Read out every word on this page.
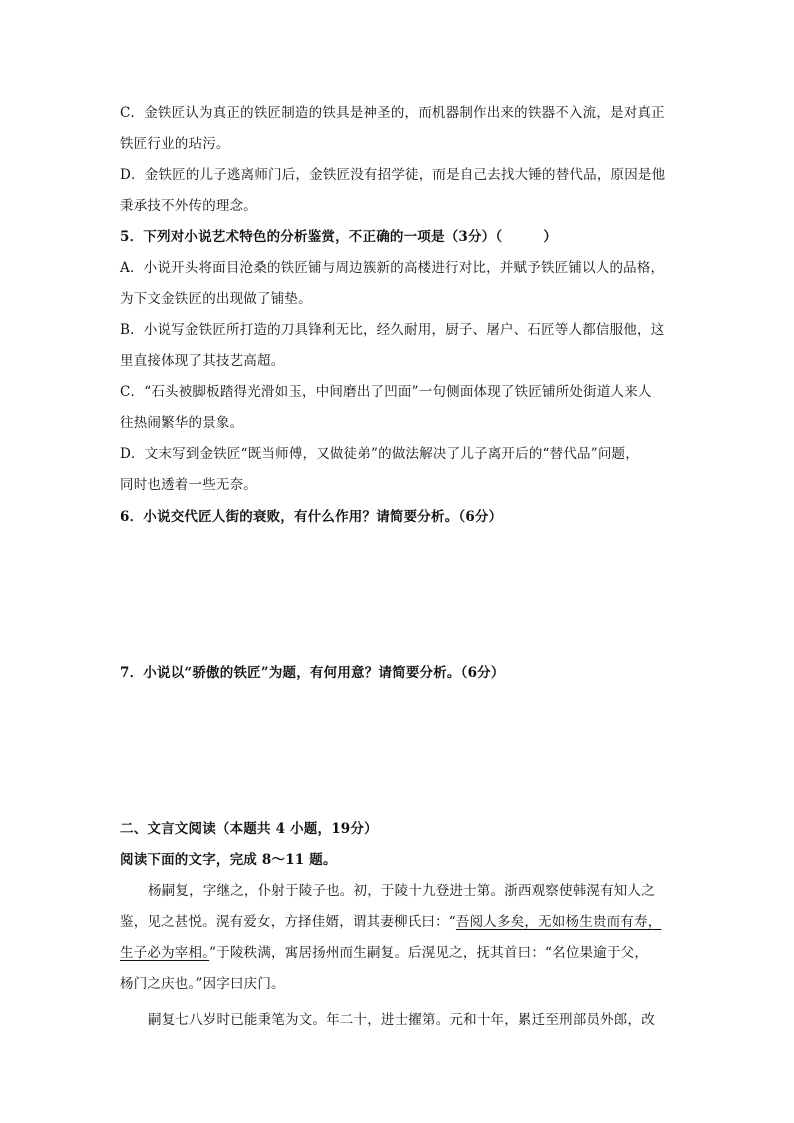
C．金铁匠认为真正的铁匠制造的铁具是神圣的，而机器制作出来的铁器不入流，是对真正
铁匠行业的玷污。
D．金铁匠的儿子逃离师门后，金铁匠没有招学徒，而是自己去找大锤的替代品，原因是他
秉承技不外传的理念。
5．下列对小说艺术特色的分析鉴赏，不正确的一项是（3分）（　　　）
A．小说开头将面目沧桑的铁匠铺与周边簇新的高楼进行对比，并赋予铁匠铺以人的品格，
为下文金铁匠的出现做了铺垫。
B．小说写金铁匠所打造的刀具锋利无比，经久耐用，厨子、屠户、石匠等人都信服他，这
里直接体现了其技艺高超。
C．“石头被脚板踏得光滑如玉，中间磨出了凹面”一句侧面体现了铁匠铺所处街道人来人
往热闹繁华的景象。
D．文末写到金铁匠“既当师傅，又做徒弟”的做法解决了儿子离开后的“替代品”问题，
同时也透着一些无奈。
6．小说交代匠人街的衰败，有什么作用？请简要分析。（6分）
7．小说以“骄傲的铁匠”为题，有何用意？请简要分析。（6分）
二、文言文阅读（本题共 4 小题，19分）
阅读下面的文字，完成 8～11 题。
杨嗣复，字继之，仆射于陵子也。初，于陵十九登进士第。浙西观察使韩滉有知人之
鉴，见之甚悦。滉有爱女，方择佳婿，谓其妻柳氏曰：“吾阅人多矣，无如杨生贵而有寿，
生子必为宰相。”于陵秩满，寓居扬州而生嗣复。后滉见之，抚其首曰：“名位果逾于父，
杨门之庆也。”因字曰庆门。
嗣复七八岁时已能秉笔为文。年二十，进士擢第。元和十年，累迁至刑部员外郎，改
